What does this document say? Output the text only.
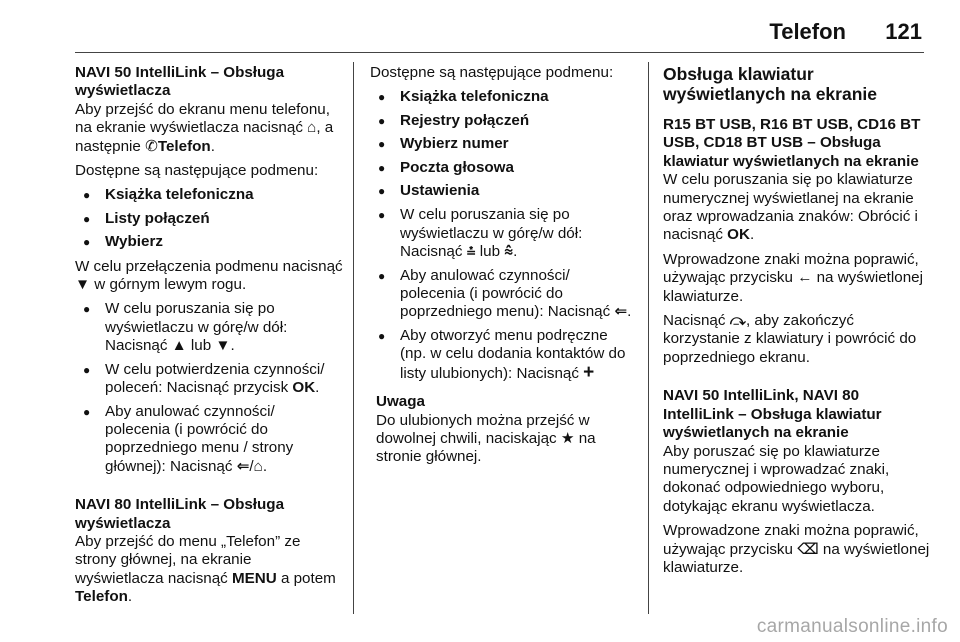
Telefon 121

NAVI 50 IntelliLink – Obsługa wyświetlacza

Aby przejść do ekranu menu telefonu, na ekranie wyświetlacza nacisnąć ⌂, a następnie ✆Telefon.

Dostępne są następujące podmenu:

● Książka telefoniczna
● Listy połączeń
● Wybierz

W celu przełączenia podmenu nacisnąć ▼ w górnym lewym rogu.

● W celu poruszania się po wyświetlaczu w górę/w dół: Nacisnąć ▲ lub ▼.
● W celu potwierdzenia czynności/ poleceń: Nacisnąć przycisk OK.
● Aby anulować czynności/ polecenia (i powrócić do poprzedniego menu / strony głównej): Nacisnąć ⇐/⌂.

NAVI 80 IntelliLink – Obsługa wyświetlacza

Aby przejść do menu „Telefon” ze strony głównej, na ekranie wyświetlacza nacisnąć MENU a potem Telefon.

Dostępne są następujące podmenu:

● Książka telefoniczna
● Rejestry połączeń
● Wybierz numer
● Poczta głosowa
● Ustawienia
● W celu poruszania się po wyświetlaczu w górę/w dół: Nacisnąć ⩮ lub ⩯.
● Aby anulować czynności/ polecenia (i powrócić do poprzedniego menu): Nacisnąć ⇐.
● Aby otworzyć menu podręczne (np. w celu dodania kontaktów do listy ulubionych): Nacisnąć +

Uwaga

Do ulubionych można przejść w dowolnej chwili, naciskając ★ na stronie głównej.

Obsługa klawiatur wyświetlanych na ekranie

R15 BT USB, R16 BT USB, CD16 BT USB, CD18 BT USB – Obsługa klawiatur wyświetlanych na ekranie

W celu poruszania się po klawiaturze numerycznej wyświetlanej na ekranie oraz wprowadzania znaków: Obrócić i nacisnąć OK.

Wprowadzone znaki można poprawić, używając przycisku ← na wyświetlonej klawiaturze.

Nacisnąć ⤼, aby zakończyć korzystanie z klawiatury i powrócić do poprzedniego ekranu.

NAVI 50 IntelliLink, NAVI 80 IntelliLink – Obsługa klawiatur wyświetlanych na ekranie

Aby poruszać się po klawiaturze numerycznej i wprowadzać znaki, dokonać odpowiedniego wyboru, dotykając ekranu wyświetlacza.

Wprowadzone znaki można poprawić, używając przycisku ⌫ na wyświetlonej klawiaturze.

carmanualsonline.info
